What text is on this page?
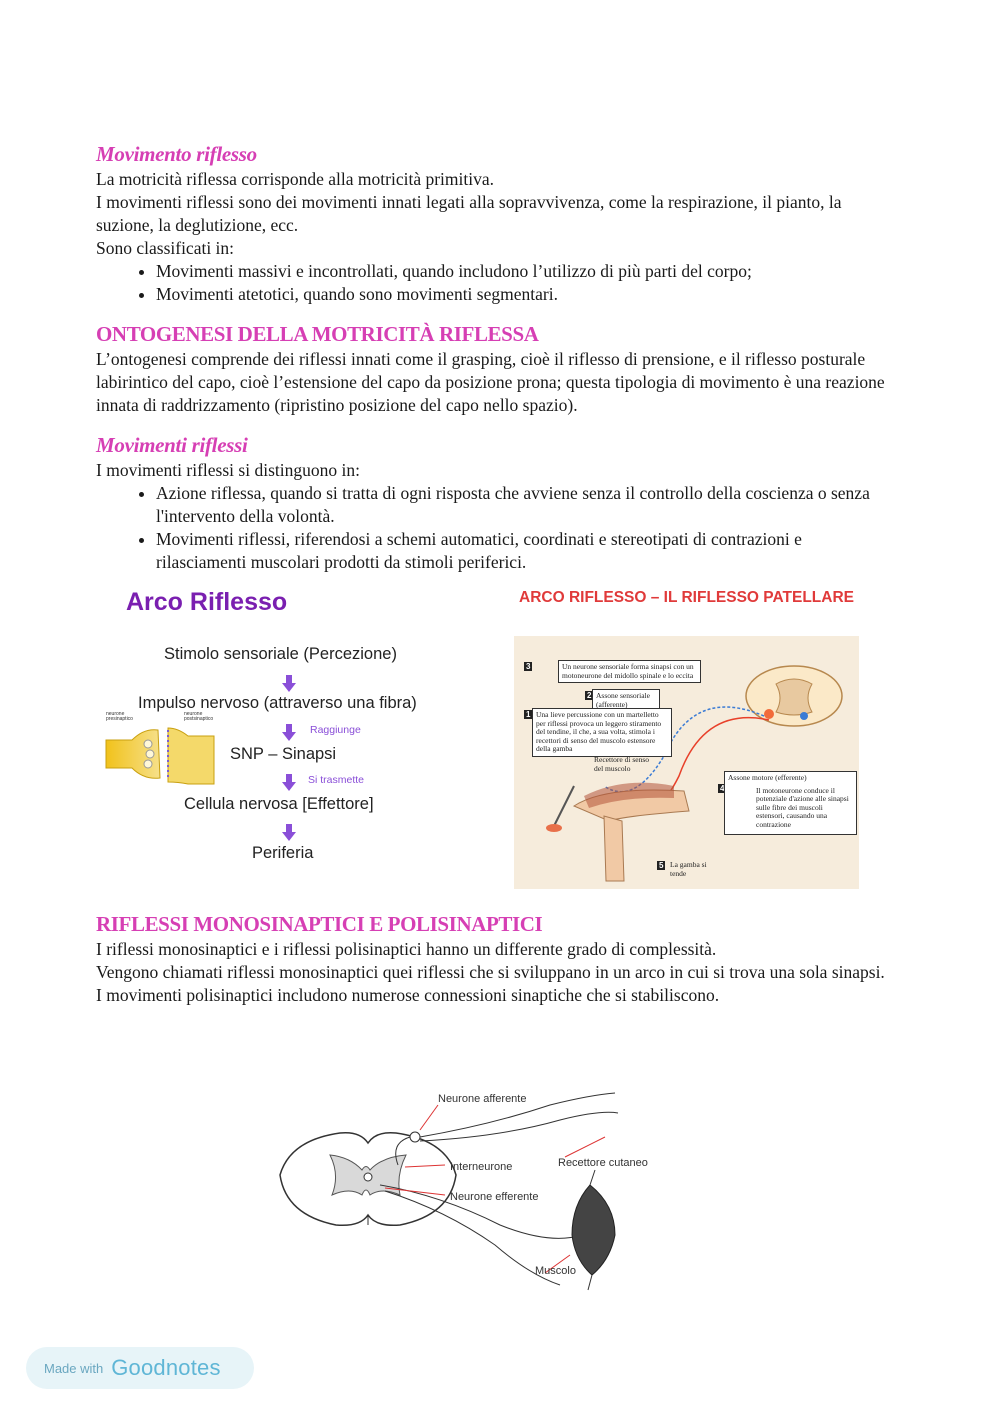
Movimento riflesso

La motricità riflessa corrisponde alla motricità primitiva.

I movimenti riflessi sono dei movimenti innati legati alla sopravvivenza, come la respirazione, il pianto, la suzione, la deglutizione, ecc.

Sono classificati in:

• Movimenti massivi e incontrollati, quando includono l’utilizzo di più parti del corpo;
• Movimenti atetotici, quando sono movimenti segmentari.
ONTOGENESI DELLA MOTRICITÀ RIFLESSA

L’ontogenesi comprende dei riflessi innati come il grasping, cioè il riflesso di prensione, e il riflesso posturale labirintico del capo, cioè l’estensione del capo da posizione prona; questa tipologia di movimento è una reazione innata di raddrizzamento (ripristino posizione del capo nello spazio).

Movimenti riflessi

I movimenti riflessi si distinguono in:

• Azione riflessa, quando si tratta di ogni risposta che avviene senza il controllo della coscienza o senza l'intervento della volontà.
• Movimenti riflessi, riferendosi a schemi automatici, coordinati e stereotipati di contrazioni e rilasciamenti muscolari prodotti da stimoli periferici.
Arco Riflesso
Stimolo sensoriale (Percezione)
Impulso nervoso (attraverso una fibra)
Raggiunge
SNP – Sinapsi
Si trasmette
Cellula nervosa [Effettore]
Periferia
neurone presinaptico
neurone postsinaptico
ARCO RIFLESSO – IL RIFLESSO PATELLARE
3	Un neurone sensoriale forma sinapsi con un motoneurone del midollo spinale e lo eccita
2 Assone sensoriale (afferente)
1 Una lieve percussione con un martelletto per riflessi provoca un leggero stiramento del tendine, il che, a sua volta, stimola i recettori di senso del muscolo estensore della gamba
Recettore di senso del muscolo
4
Assone motore (efferente)
Il motoneurone conduce il potenziale d'azione alle sinapsi sulle fibre dei muscoli estensori, causando una contrazione
5 La gamba si tende
RIFLESSI MONOSINAPTICI E POLISINAPTICI

I riflessi monosinaptici e i riflessi polisinaptici hanno un differente grado di complessità.

Vengono chiamati riflessi monosinaptici quei riflessi che si sviluppano in un arco in cui si trova una sola sinapsi.

I movimenti polisinaptici includono numerose connessioni sinaptiche che si stabiliscono.

Neurone afferente
Interneurone	Recettore cutaneo
Neurone efferente
Muscolo
Made with Goodnotes
